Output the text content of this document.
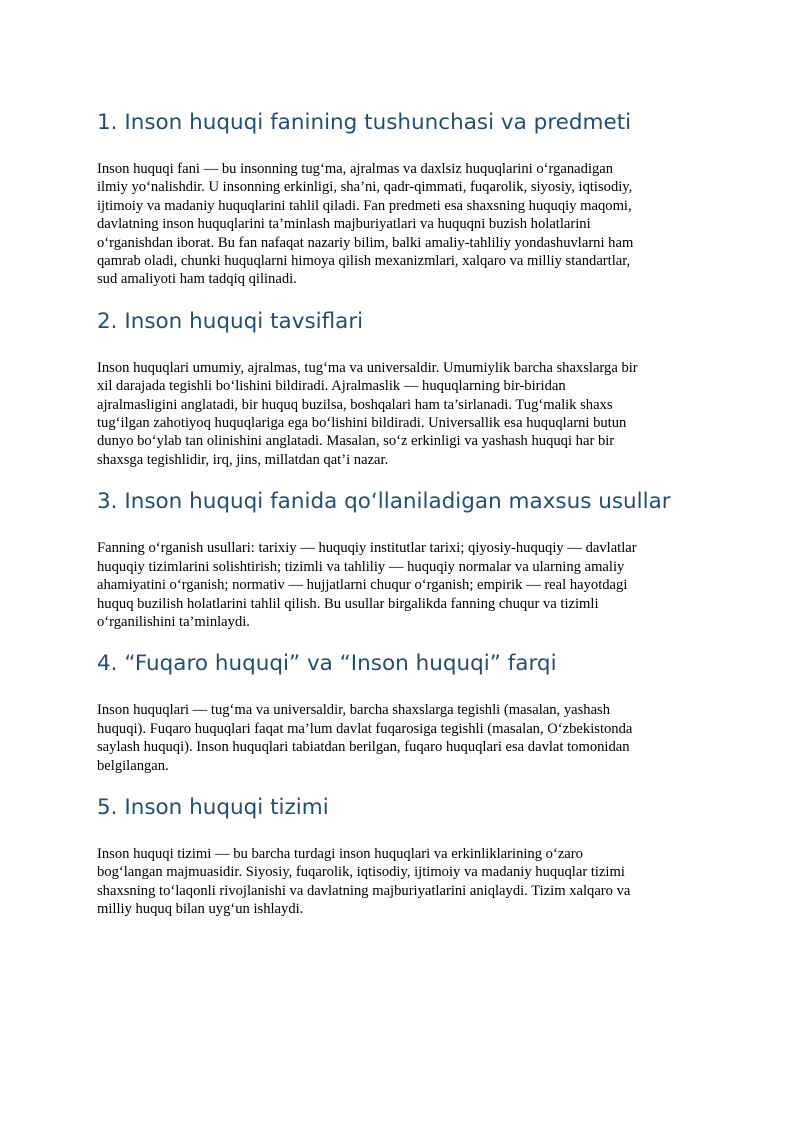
1. Inson huquqi fanining tushunchasi va predmeti

Inson huquqi fani — bu insonning tug‘ma, ajralmas va daxlsiz huquqlarini o‘rganadigan
ilmiy yo‘nalishdir. U insonning erkinligi, sha’ni, qadr-qimmati, fuqarolik, siyosiy, iqtisodiy,
ijtimoiy va madaniy huquqlarini tahlil qiladi. Fan predmeti esa shaxsning huquqiy maqomi,
davlatning inson huquqlarini ta’minlash majburiyatlari va huquqni buzish holatlarini
o‘rganishdan iborat. Bu fan nafaqat nazariy bilim, balki amaliy-tahliliy yondashuvlarni ham
qamrab oladi, chunki huquqlarni himoya qilish mexanizmlari, xalqaro va milliy standartlar,
sud amaliyoti ham tadqiq qilinadi.

2. Inson huquqi tavsiflari

Inson huquqlari umumiy, ajralmas, tug‘ma va universaldir. Umumiylik barcha shaxslarga bir
xil darajada tegishli bo‘lishini bildiradi. Ajralmaslik — huquqlarning bir-biridan
ajralmasligini anglatadi, bir huquq buzilsa, boshqalari ham ta’sirlanadi. Tug‘malik shaxs
tug‘ilgan zahotiyoq huquqlariga ega bo‘lishini bildiradi. Universallik esa huquqlarni butun
dunyo bo‘ylab tan olinishini anglatadi. Masalan, so‘z erkinligi va yashash huquqi har bir
shaxsga tegishlidir, irq, jins, millatdan qat’i nazar.

3. Inson huquqi fanida qo‘llaniladigan maxsus usullar

Fanning o‘rganish usullari: tarixiy — huquqiy institutlar tarixi; qiyosiy-huquqiy — davlatlar
huquqiy tizimlarini solishtirish; tizimli va tahliliy — huquqiy normalar va ularning amaliy
ahamiyatini o‘rganish; normativ — hujjatlarni chuqur o‘rganish; empirik — real hayotdagi
huquq buzilish holatlarini tahlil qilish. Bu usullar birgalikda fanning chuqur va tizimli
o‘rganilishini ta’minlaydi.

4. “Fuqaro huquqi” va “Inson huquqi” farqi

Inson huquqlari — tug‘ma va universaldir, barcha shaxslarga tegishli (masalan, yashash
huquqi). Fuqaro huquqlari faqat ma’lum davlat fuqarosiga tegishli (masalan, O‘zbekistonda
saylash huquqi). Inson huquqlari tabiatdan berilgan, fuqaro huquqlari esa davlat tomonidan
belgilangan.

5. Inson huquqi tizimi

Inson huquqi tizimi — bu barcha turdagi inson huquqlari va erkinliklarining o‘zaro
bog‘langan majmuasidir. Siyosiy, fuqarolik, iqtisodiy, ijtimoiy va madaniy huquqlar tizimi
shaxsning to‘laqonli rivojlanishi va davlatning majburiyatlarini aniqlaydi. Tizim xalqaro va
milliy huquq bilan uyg‘un ishlaydi.
